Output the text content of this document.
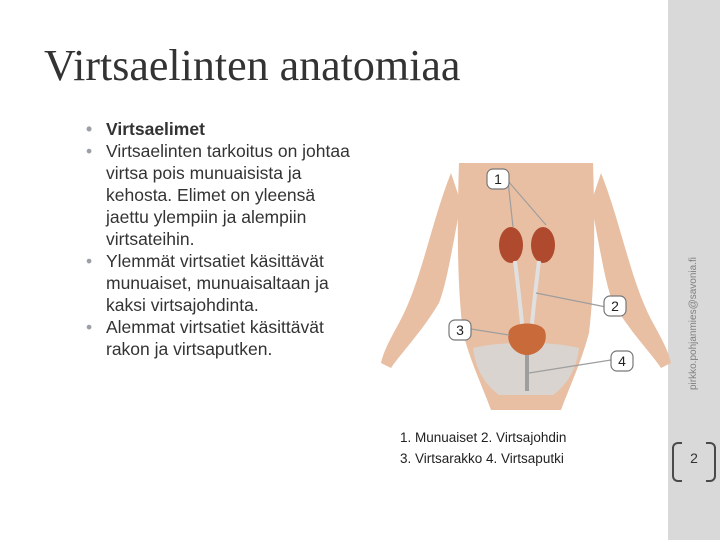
pirkko.pohjanmies@savonia.fi
2
Virtsaelinten anatomiaa
• Virtsaelimet
• Virtsaelinten tarkoitus on johtaa virtsa pois munuaisista ja kehosta. Elimet on yleensä jaettu ylempiin ja alempiin virtsateihin.
• Ylemmät virtsatiet käsittävät munuaiset, munuaisaltaan ja kaksi virtsajohdinta.
• Alemmat virtsatiet käsittävät rakon ja virtsaputken.
1
2
3
4
1. Munuaiset 2. Virtsajohdin
3. Virtsarakko 4. Virtsaputki
